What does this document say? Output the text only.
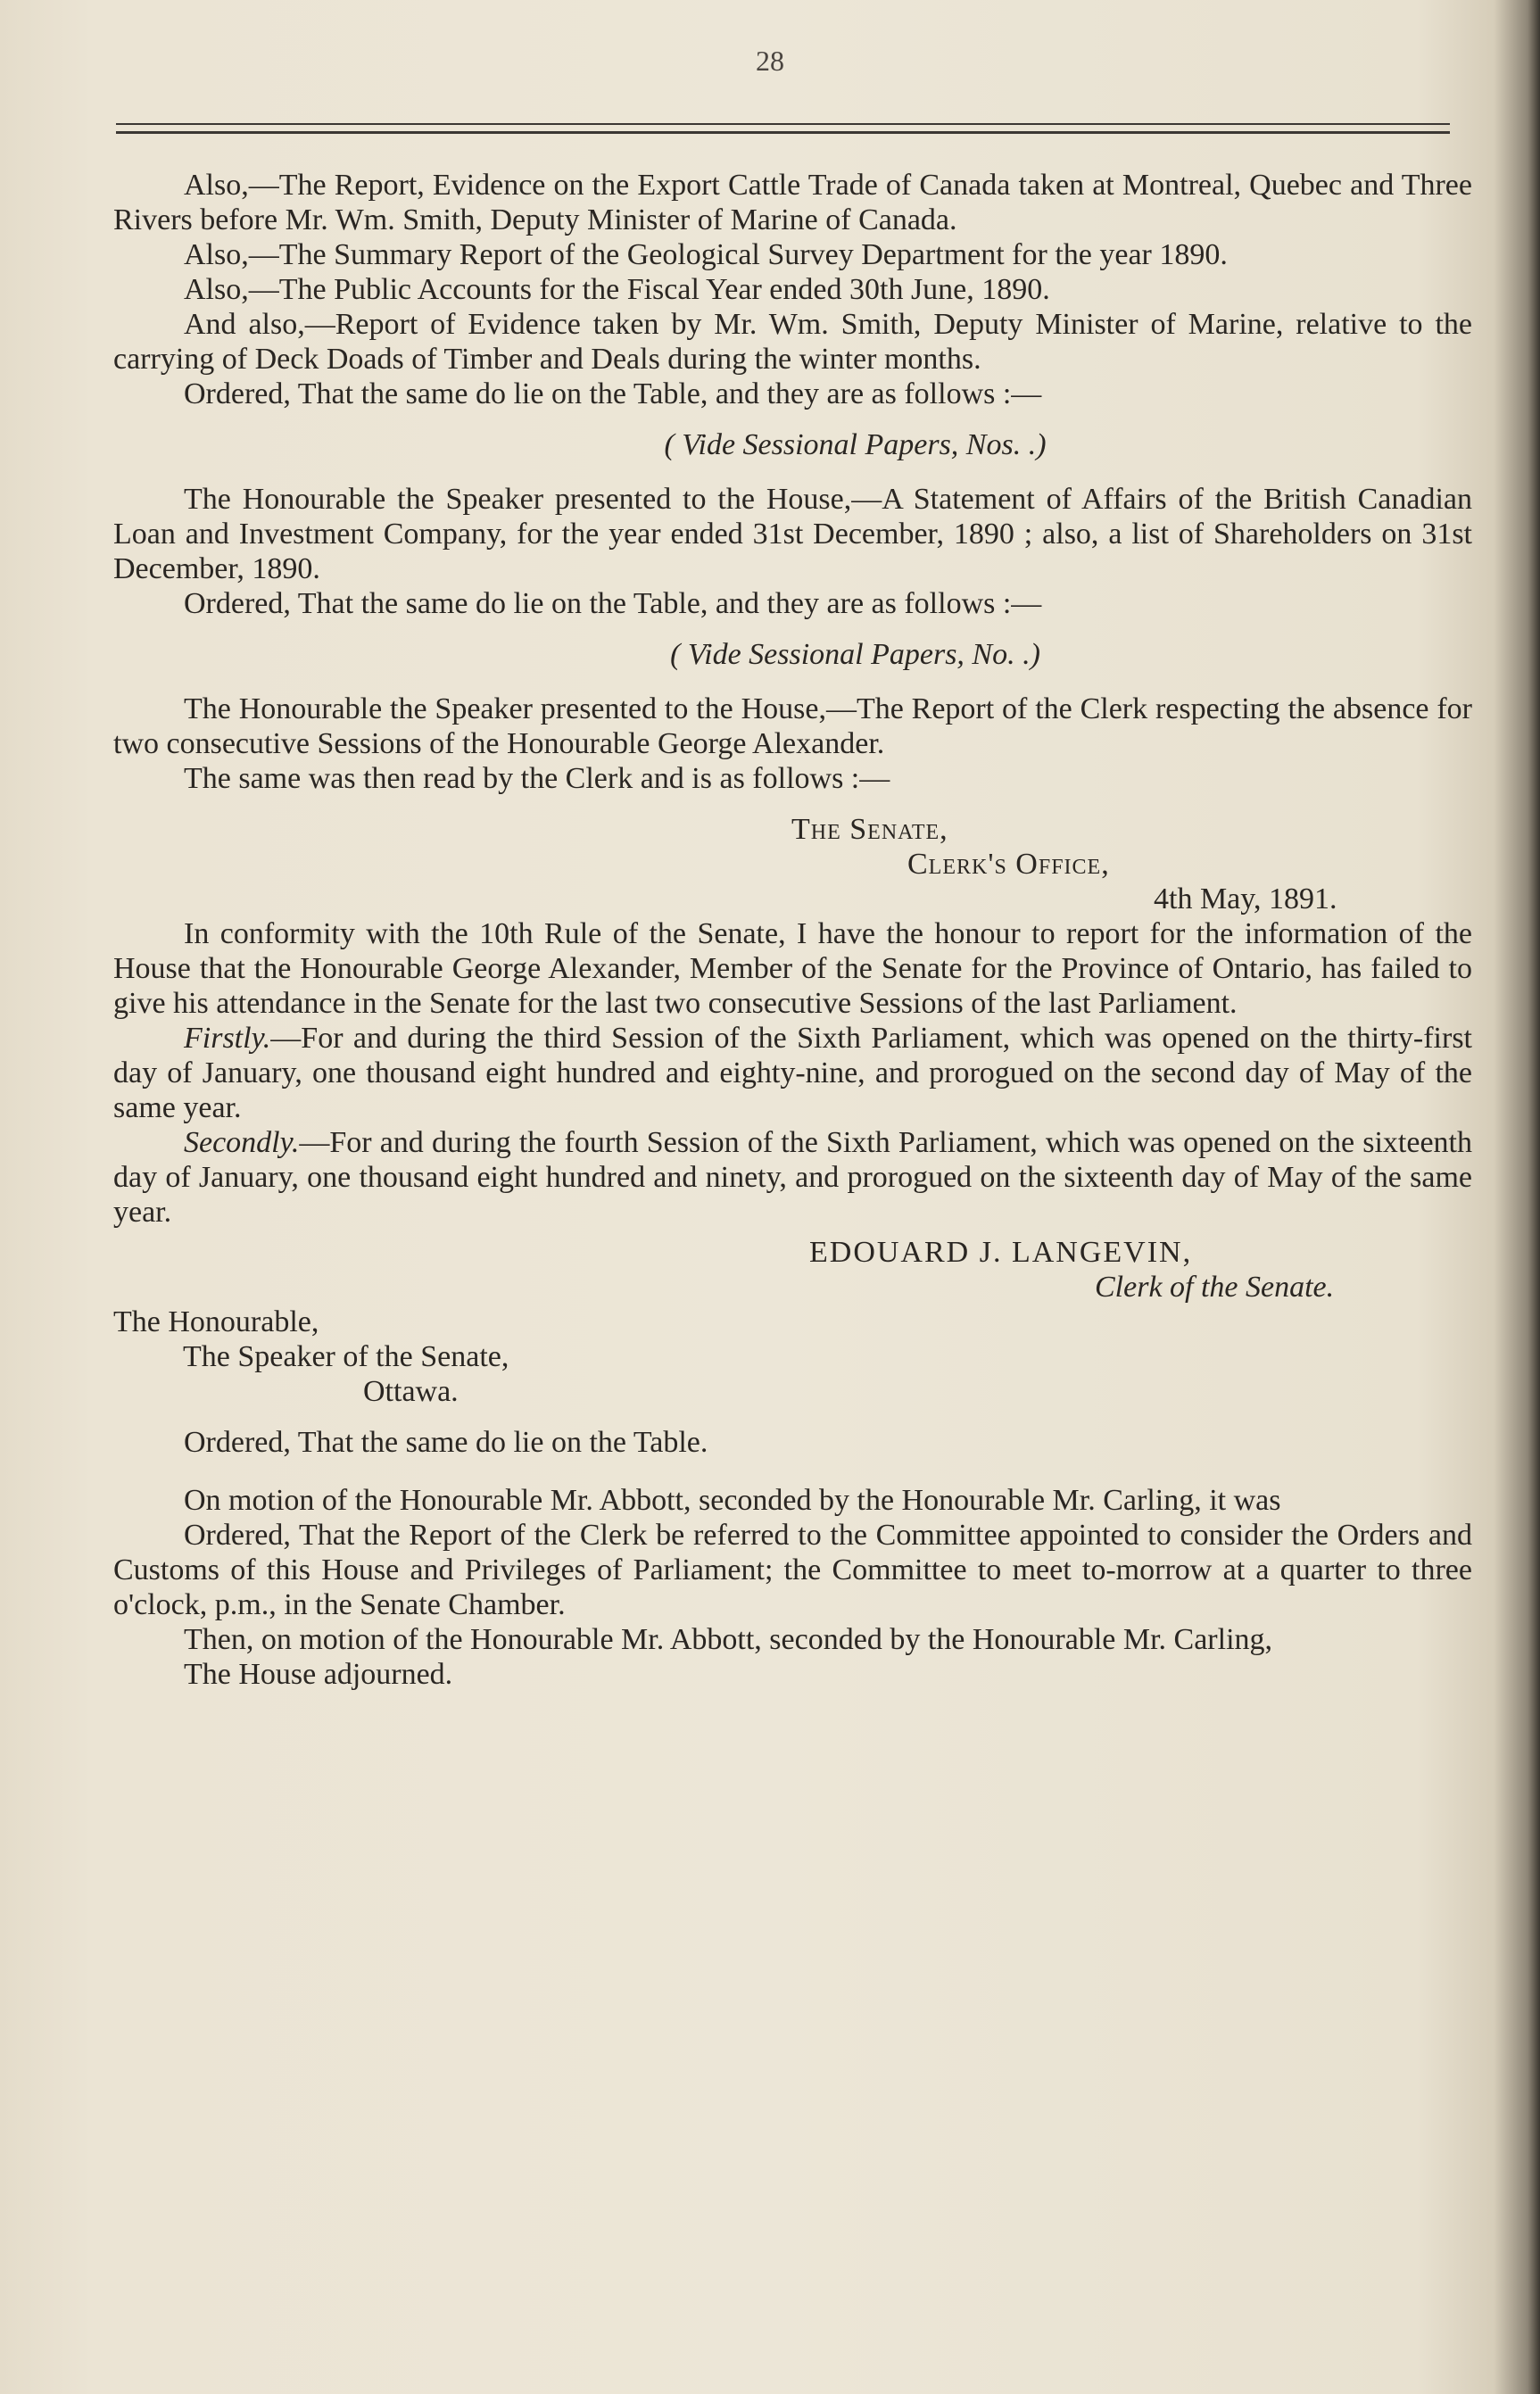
28

Also,—The Report, Evidence on the Export Cattle Trade of Canada taken at Montreal, Quebec and Three Rivers before Mr. Wm. Smith, Deputy Minister of Marine of Canada.

Also,—The Summary Report of the Geological Survey Department for the year 1890.

Also,—The Public Accounts for the Fiscal Year ended 30th June, 1890.

And also,—Report of Evidence taken by Mr. Wm. Smith, Deputy Minister of Marine, relative to the carrying of Deck Doads of Timber and Deals during the winter months.

Ordered, That the same do lie on the Table, and they are as follows :—

( Vide Sessional Papers, Nos. .)

The Honourable the Speaker presented to the House,—A Statement of Affairs of the British Canadian Loan and Investment Company, for the year ended 31st December, 1890 ; also, a list of Shareholders on 31st December, 1890.

Ordered, That the same do lie on the Table, and they are as follows :—

( Vide Sessional Papers, No. .)

The Honourable the Speaker presented to the House,—The Report of the Clerk respecting the absence for two consecutive Sessions of the Honourable George Alexander.

The same was then read by the Clerk and is as follows :—

The Senate,

Clerk's Office,

4th May, 1891.

In conformity with the 10th Rule of the Senate, I have the honour to report for the information of the House that the Honourable George Alexander, Member of the Senate for the Province of Ontario, has failed to give his attendance in the Senate for the last two consecutive Sessions of the last Parliament.

Firstly.—For and during the third Session of the Sixth Parliament, which was opened on the thirty-first day of January, one thousand eight hundred and eighty-nine, and prorogued on the second day of May of the same year.

Secondly.—For and during the fourth Session of the Sixth Parliament, which was opened on the sixteenth day of January, one thousand eight hundred and ninety, and prorogued on the sixteenth day of May of the same year.

EDOUARD J. LANGEVIN,

Clerk of the Senate.

The Honourable,

The Speaker of the Senate,

Ottawa.

Ordered, That the same do lie on the Table.

On motion of the Honourable Mr. Abbott, seconded by the Honourable Mr. Carling, it was

Ordered, That the Report of the Clerk be referred to the Committee appointed to consider the Orders and Customs of this House and Privileges of Parliament; the Committee to meet to-morrow at a quarter to three o'clock, p.m., in the Senate Chamber.

Then, on motion of the Honourable Mr. Abbott, seconded by the Honourable Mr. Carling,

The House adjourned.
